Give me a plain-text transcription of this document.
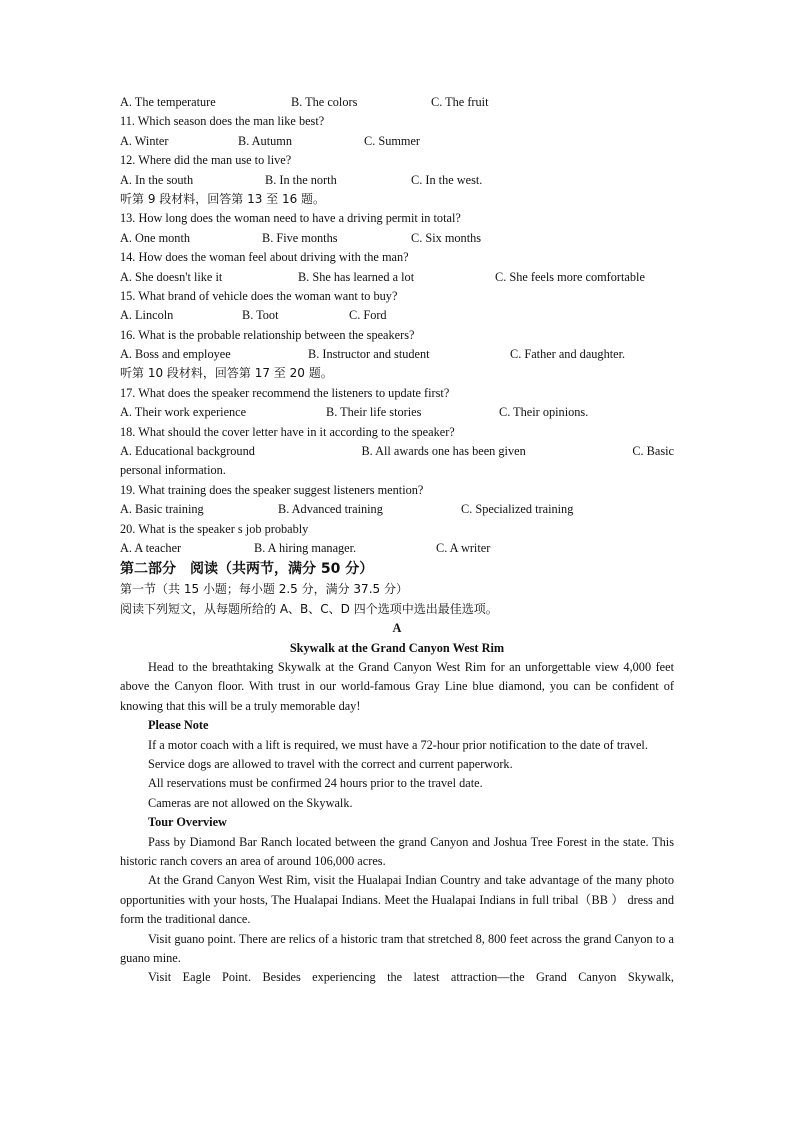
A. The temperature	B. The colors	C. The fruit
11. Which season does the man like best?
A. Winter	B. Autumn	C. Summer
12. Where did the man use to live?
A. In the south	B. In the north	C. In the west.
听第 9 段材料，回答第 13 至 16 题。
13. How long does the woman need to have a driving permit in total?
A. One month	B. Five months	C. Six months
14. How does the woman feel about driving with the man?
A. She doesn't like it	B. She has learned a lot	C. She feels more comfortable
15. What brand of vehicle does the woman want to buy?
A. Lincoln	B. Toot	C. Ford
16. What is the probable relationship between the speakers?
A. Boss and employee	B. Instructor and student	C. Father and daughter.
听第 10 段材料，回答第 17 至 20 题。
17. What does the speaker recommend the listeners to update first?
A. Their work experience	B. Their life stories	C. Their opinions.
18. What should the cover letter have in it according to the speaker?
A. Educational background	B. All awards one has been given	C. Basic
personal information.
19. What training does the speaker suggest listeners mention?
A. Basic training	B. Advanced training	C. Specialized training
20. What is the speaker s job probably
A. A teacher	B. A hiring manager.	C. A writer
第二部分　阅读（共两节，满分 50 分）
第一节（共 15 小题；每小题 2.5 分，满分 37.5 分）
阅读下列短文，从每题所给的 A、B、C、D 四个选项中选出最佳选项。
A
Skywalk at the Grand Canyon West Rim

Head to the breathtaking Skywalk at the Grand Canyon West Rim for an unforgettable view 4,000 feet above the Canyon floor. With trust in our world-famous Gray Line blue diamond, you can be confident of knowing that this will be a truly memorable day!

Please Note

If a motor coach with a lift is required, we must have a 72-hour prior notification to the date of travel.

Service dogs are allowed to travel with the correct and current paperwork.
All reservations must be confirmed 24 hours prior to the travel date.
Cameras are not allowed on the Skywalk.
Tour Overview

Pass by Diamond Bar Ranch located between the grand Canyon and Joshua Tree Forest in the state. This historic ranch covers an area of around 106,000 acres.

At the Grand Canyon West Rim, visit the Hualapai Indian Country and take advantage of the many photo opportunities with your hosts, The Hualapai Indians. Meet the Hualapai Indians in full tribal（BB ） dress and form the traditional dance.

Visit guano point. There are relics of a historic tram that stretched 8, 800 feet across the grand Canyon to a guano mine.

Visit Eagle Point. Besides experiencing the latest attraction—the Grand Canyon Skywalk,
